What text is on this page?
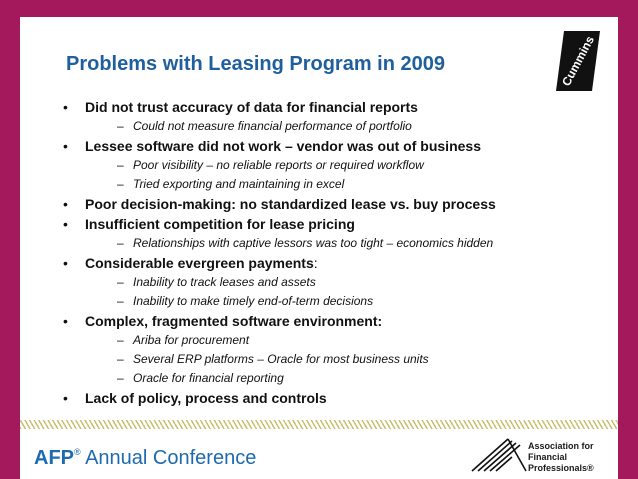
Problems with Leasing Program in 2009	Cummins
•	Did not trust accuracy of data for financial reports
– Could not measure financial performance of portfolio
•	Lessee software did not work – vendor was out of business
– Poor visibility – no reliable reports or required workflow
– Tried exporting and maintaining in excel
•	Poor decision-making: no standardized lease vs. buy process
•	Insufficient competition for lease pricing
– Relationships with captive lessors was too tight – economics hidden
•	Considerable evergreen payments :
– Inability to track leases and assets
– Inability to make timely end-of-term decisions
•	Complex, fragmented software environment:
– Ariba for procurement
– Several ERP platforms – Oracle for most business units
– Oracle for financial reporting
•	Lack of policy, process and controls
AFP® Annual Conference
Association for
Financial Professionals®
